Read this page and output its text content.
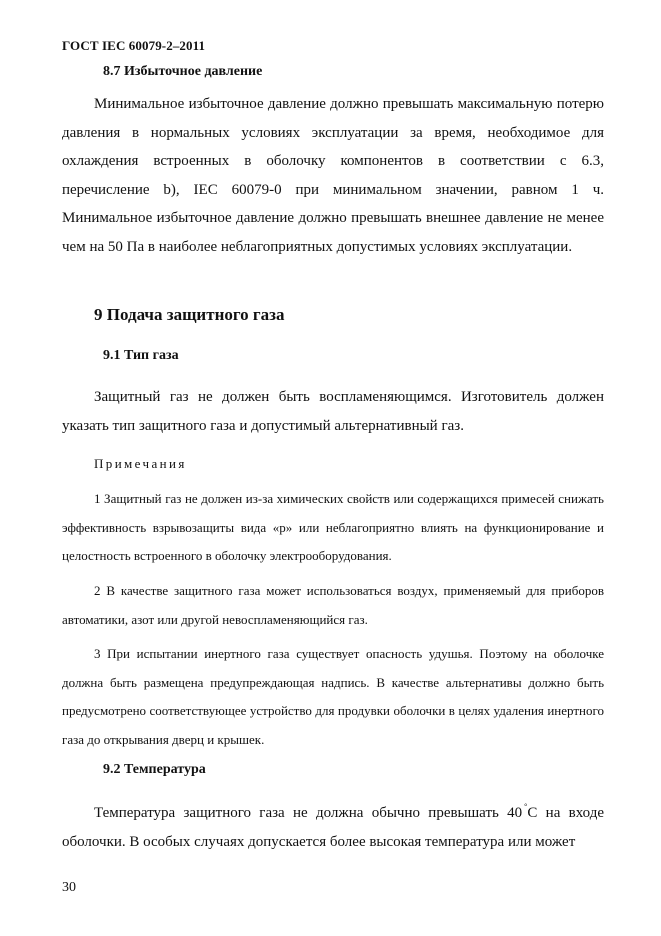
ГОСТ IEC 60079-2–2011
8.7 Избыточное давление

Минимальное избыточное давление должно превышать максимальную потерю давления в нормальных условиях эксплуатации за время, необходимое для охлаждения встроенных в оболочку компонентов в соответствии с 6.3, перечисление b), IEC 60079-0 при минимальном значении, равном 1 ч. Минимальное избыточное давление должно превышать внешнее давление не менее чем на 50 Па в наиболее неблагоприятных допустимых условиях эксплуатации.

9 Подача защитного газа
9.1 Тип газа

Защитный газ не должен быть воспламеняющимся. Изготовитель должен указать тип защитного газа и допустимый альтернативный газ.

Примечания

1 Защитный газ не должен из-за химических свойств или содержащихся примесей снижать эффективность взрывозащиты вида «р» или неблагоприятно влиять на функционирование и целостность встроенного в оболочку электрооборудования.

2 В качестве защитного газа может использоваться воздух, применяемый для приборов автоматики, азот или другой невоспламеняющийся газ.

3 При испытании инертного газа существует опасность удушья. Поэтому на оболочке должна быть размещена предупреждающая надпись. В качестве альтернативы должно быть предусмотрено соответствующее устройство для продувки оболочки в целях удаления инертного газа до открывания дверц и крышек.

9.2 Температура

Температура защитного газа не должна обычно превышать 40 °С на входе оболочки. В особых случаях допускается более высокая температура или может

30
